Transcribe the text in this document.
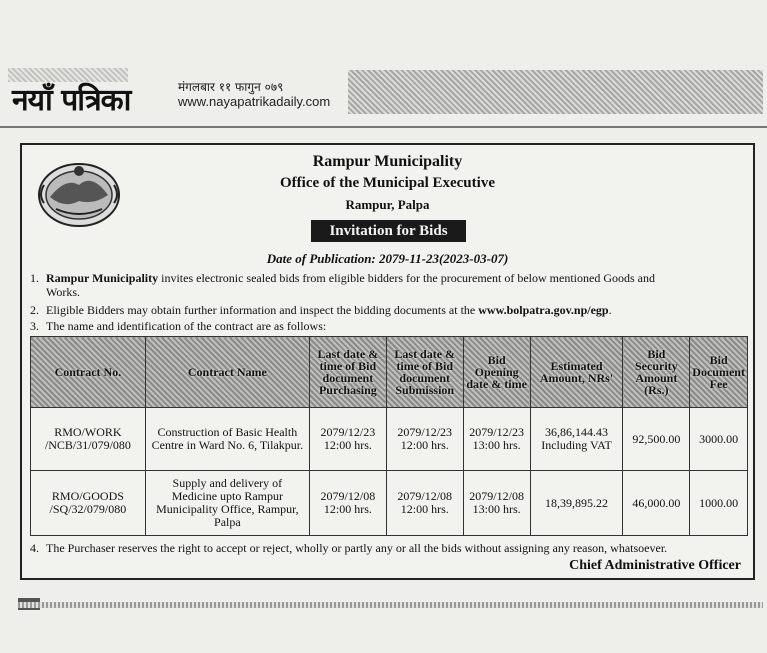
नयाँ पत्रिका	मंगलबार ११ फागुन ०७९
www.nayapatrikadaily.com
Rampur Municipality
Office of the Municipal Executive
Rampur, Palpa
Invitation for Bids
Date of Publication: 2079-11-23(2023-03-07)
1. Rampur Municipality invites electronic sealed bids from eligible bidders for the procurement of below mentioned Goods and
Works.
2. Eligible Bidders may obtain further information and inspect the bidding documents at the www.bolpatra.gov.np/egp.
3. The name and identification of the contract are as follows:
Contract No.	Contract Name	Last date & time of Bid document Purchasing	Last date & time of Bid document Submission	Bid Opening date & time	Estimated Amount, NRs'	Bid Security Amount (Rs.)	Bid Document Fee
RMO/WORK /NCB/31/079/080	Construction of Basic Health Centre in Ward No. 6, Tilakpur.	2079/12/23 12:00 hrs.	2079/12/23 12:00 hrs.	2079/12/23 13:00 hrs.	36,86,144.43 Including VAT	92,500.00	3000.00
RMO/GOODS /SQ/32/079/080	Supply and delivery of Medicine upto Rampur Municipality Office, Rampur, Palpa	2079/12/08 12:00 hrs.	2079/12/08 12:00 hrs.	2079/12/08 13:00 hrs.	18,39,895.22	46,000.00	1000.00
4. The Purchaser reserves the right to accept or reject, wholly or partly any or all the bids without assigning any reason, whatsoever.
Chief Administrative Officer
